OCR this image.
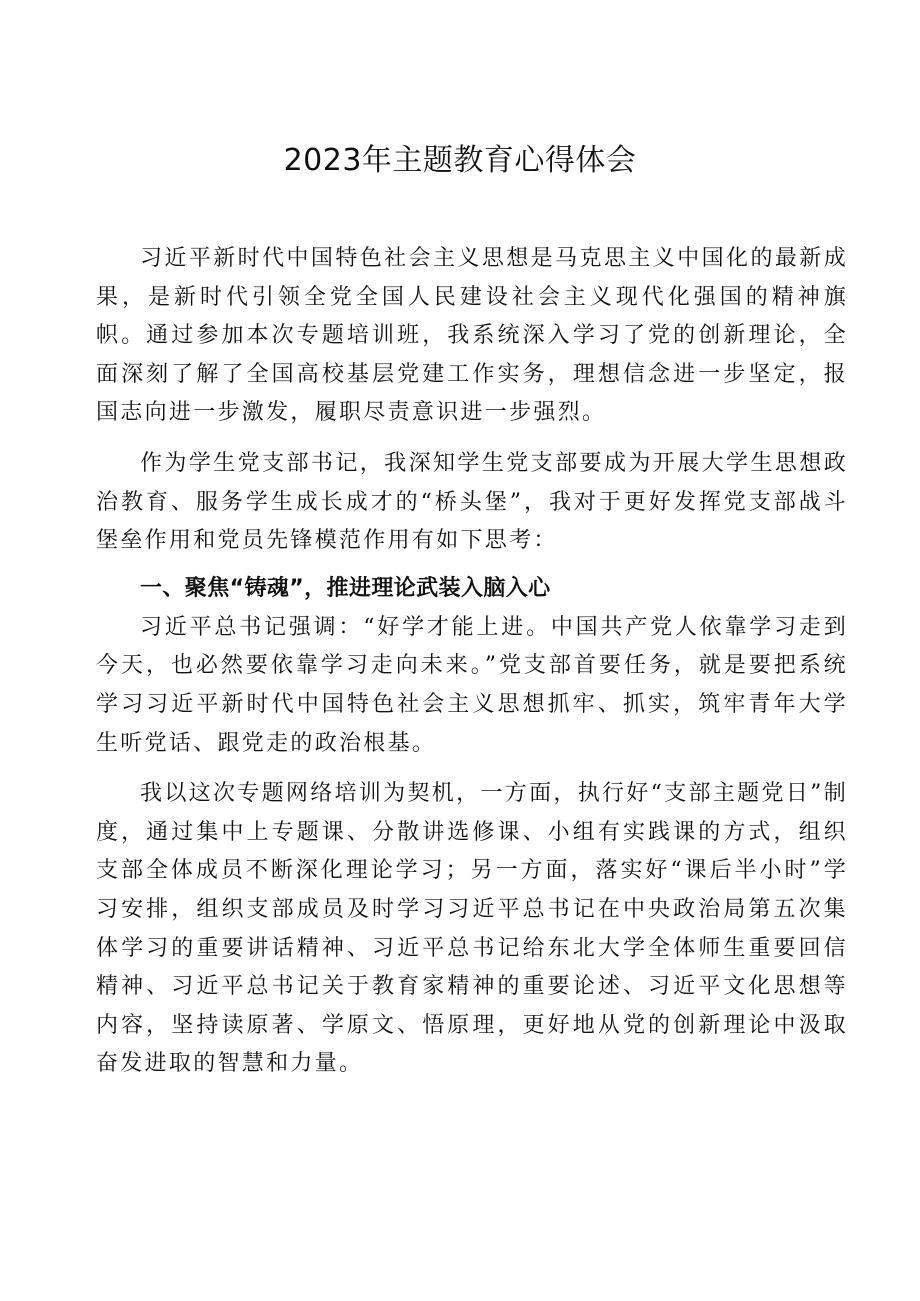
2023年主题教育心得体会

习近平新时代中国特色社会主义思想是马克思主义中国化的最新成果，是新时代引领全党全国人民建设社会主义现代化强国的精神旗帜。通过参加本次专题培训班，我系统深入学习了党的创新理论，全面深刻了解了全国高校基层党建工作实务，理想信念进一步坚定，报国志向进一步激发，履职尽责意识进一步强烈。

作为学生党支部书记，我深知学生党支部要成为开展大学生思想政治教育、服务学生成长成才的“桥头堡”，我对于更好发挥党支部战斗堡垒作用和党员先锋模范作用有如下思考：

一、聚焦“铸魂”，推进理论武装入脑入心

习近平总书记强调：“好学才能上进。中国共产党人依靠学习走到今天，也必然要依靠学习走向未来。”党支部首要任务，就是要把系统学习习近平新时代中国特色社会主义思想抓牢、抓实，筑牢青年大学生听党话、跟党走的政治根基。

我以这次专题网络培训为契机，一方面，执行好“支部主题党日”制度，通过集中上专题课、分散讲选修课、小组有实践课的方式，组织支部全体成员不断深化理论学习；另一方面，落实好“课后半小时”学习安排，组织支部成员及时学习习近平总书记在中央政治局第五次集体学习的重要讲话精神、习近平总书记给东北大学全体师生重要回信精神、习近平总书记关于教育家精神的重要论述、习近平文化思想等内容，坚持读原著、学原文、悟原理，更好地从党的创新理论中汲取奋发进取的智慧和力量。
